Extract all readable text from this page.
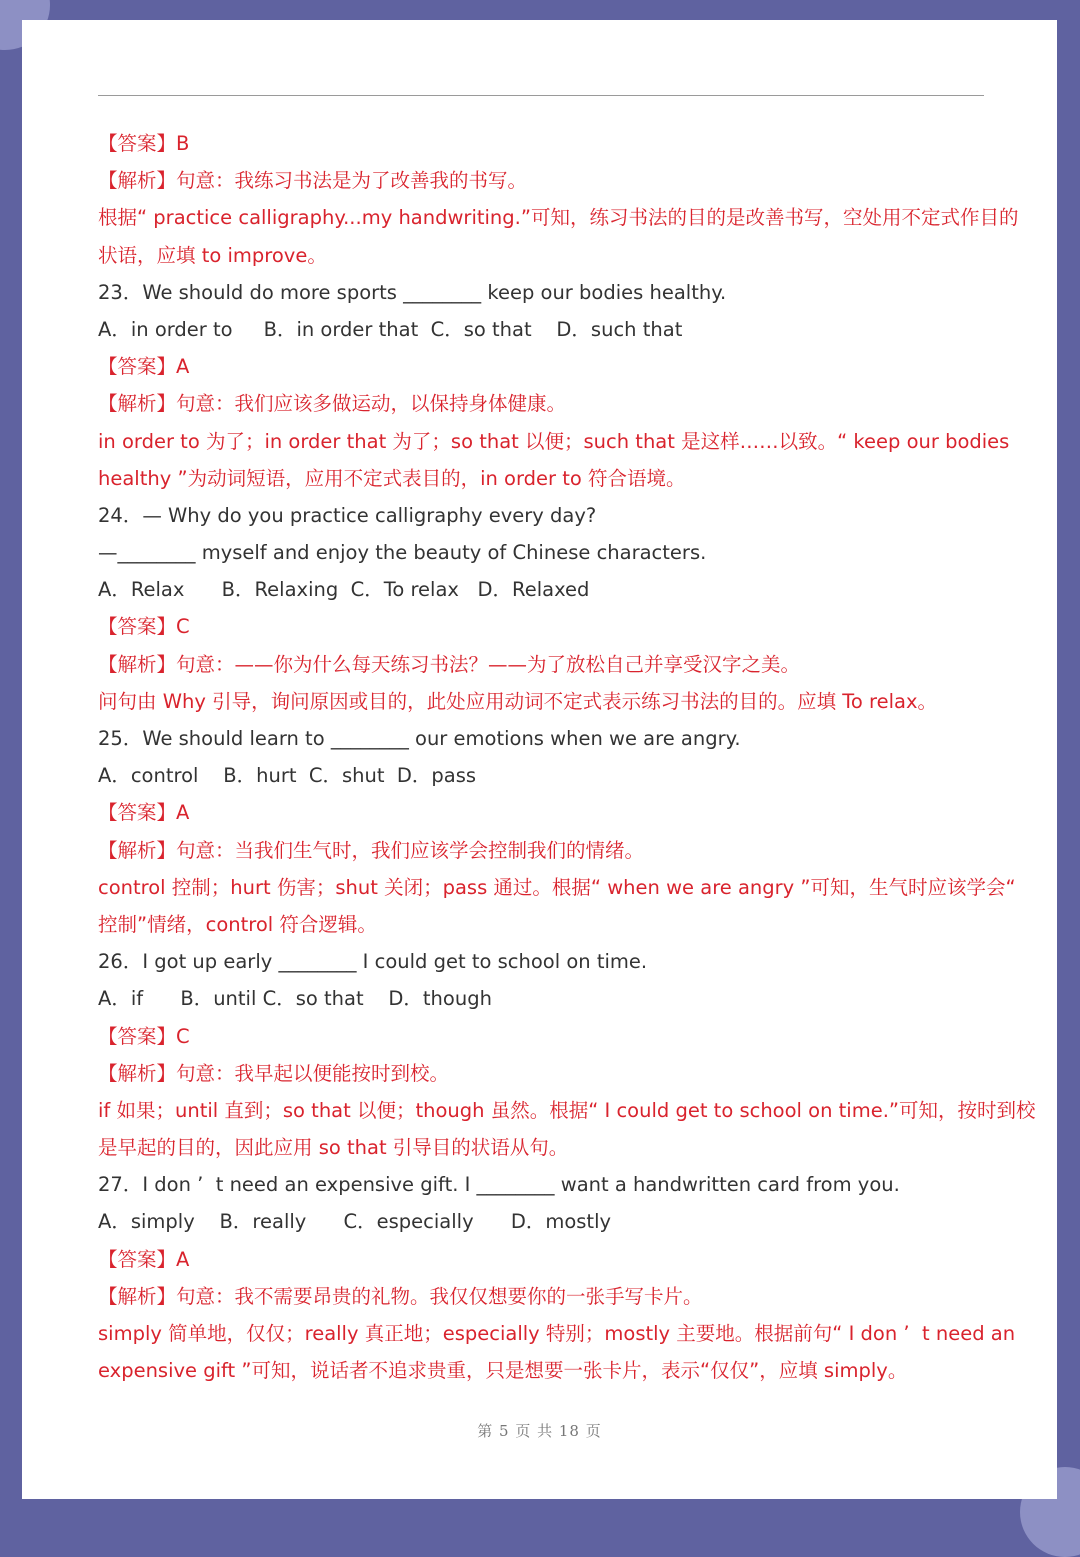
【答案】B
【解析】句意：我练习书法是为了改善我的书写。
根据“ practice calligraphy...my handwriting.”可知，练习书法的目的是改善书写，空处用不定式作目的
状语，应填 to improve。
23．We should do more sports ________ keep our bodies healthy.
A．in order to     B．in order that  C．so that    D．such that
【答案】A
【解析】句意：我们应该多做运动，以保持身体健康。
in order to 为了；in order that 为了；so that 以便；such that 是这样……以致。“ keep our bodies
healthy ”为动词短语，应用不定式表目的，in order to 符合语境。
24．— Why do you practice calligraphy every day?
—________ myself and enjoy the beauty of Chinese characters.
A．Relax      B．Relaxing  C．To relax   D．Relaxed
【答案】C
【解析】句意：——你为什么每天练习书法？——为了放松自己并享受汉字之美。
问句由 Why 引导，询问原因或目的，此处应用动词不定式表示练习书法的目的。应填 To relax。
25．We should learn to ________ our emotions when we are angry.
A．control    B．hurt  C．shut  D．pass
【答案】A
【解析】句意：当我们生气时，我们应该学会控制我们的情绪。
control 控制；hurt 伤害；shut 关闭；pass 通过。根据“ when we are angry ”可知，生气时应该学会“
控制”情绪，control 符合逻辑。
26．I got up early ________ I could get to school on time.
A．if      B．until C．so that    D．though
【答案】C
【解析】句意：我早起以便能按时到校。
if 如果；until 直到；so that 以便；though 虽然。根据“ I could get to school on time.”可知，按时到校
是早起的目的，因此应用 so that 引导目的状语从句。
27．I don ’  t need an expensive gift. I ________ want a handwritten card from you.
A．simply    B．really      C．especially      D．mostly
【答案】A
【解析】句意：我不需要昂贵的礼物。我仅仅想要你的一张手写卡片。
simply 简单地，仅仅；really 真正地；especially 特别；mostly 主要地。根据前句“ I don ’  t need an
expensive gift ”可知，说话者不追求贵重，只是想要一张卡片，表示“仅仅”，应填 simply。
第 5 页 共 18 页
